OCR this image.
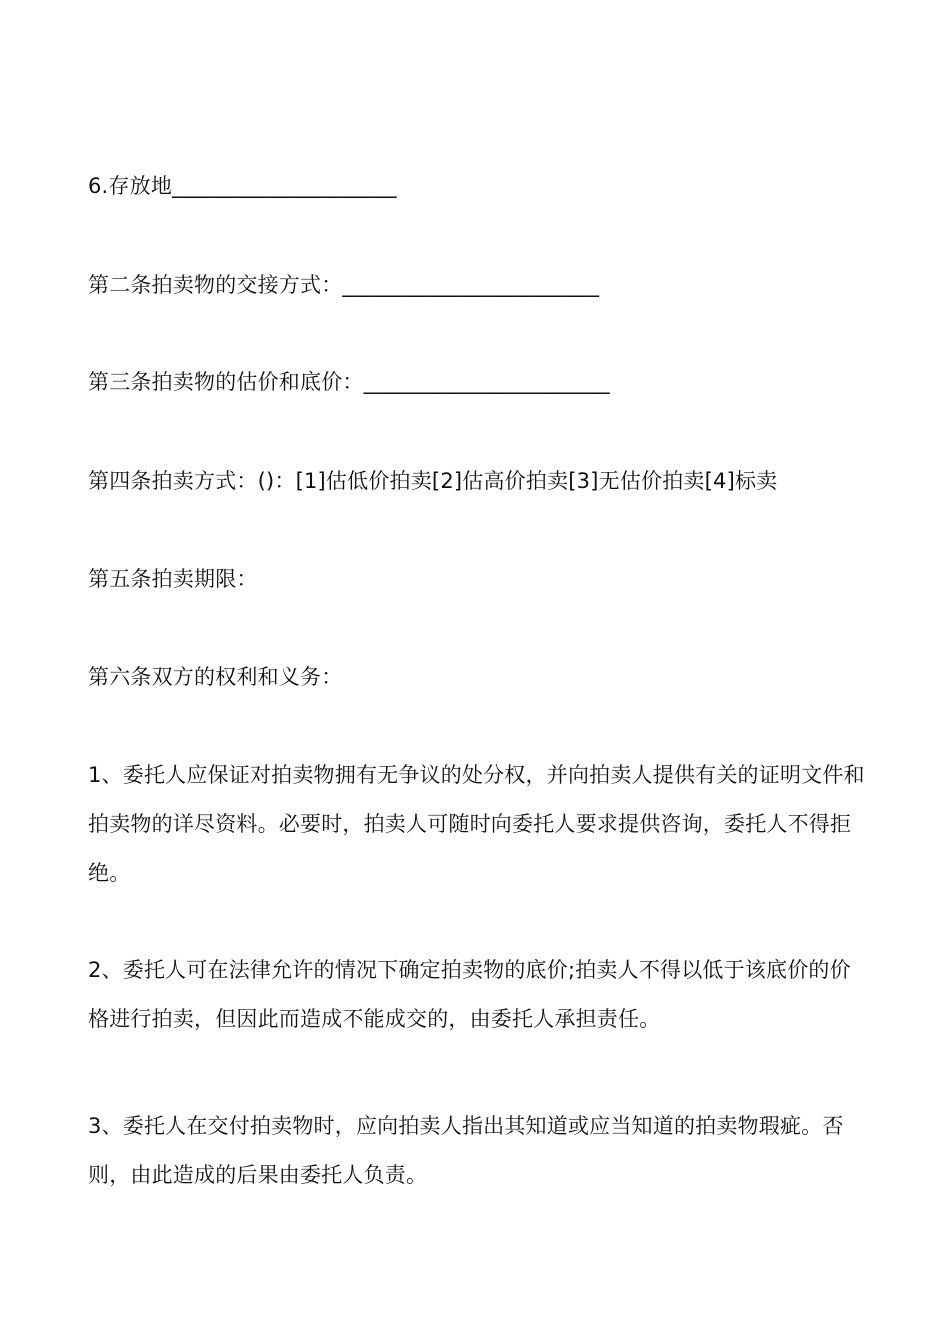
6.存放地_____________________

第二条拍卖物的交接方式：________________________

第三条拍卖物的估价和底价：_______________________

第四条拍卖方式：()：[1]估低价拍卖[2]估高价拍卖[3]无估价拍卖[4]标卖

第五条拍卖期限：

第六条双方的权利和义务：

1、委托人应保证对拍卖物拥有无争议的处分权，并向拍卖人提供有关的证明文件和拍卖物的详尽资料。必要时，拍卖人可随时向委托人要求提供咨询，委托人不得拒绝。

2、委托人可在法律允许的情况下确定拍卖物的底价;拍卖人不得以低于该底价的价格进行拍卖，但因此而造成不能成交的，由委托人承担责任。

3、委托人在交付拍卖物时，应向拍卖人指出其知道或应当知道的拍卖物瑕疵。否则，由此造成的后果由委托人负责。
